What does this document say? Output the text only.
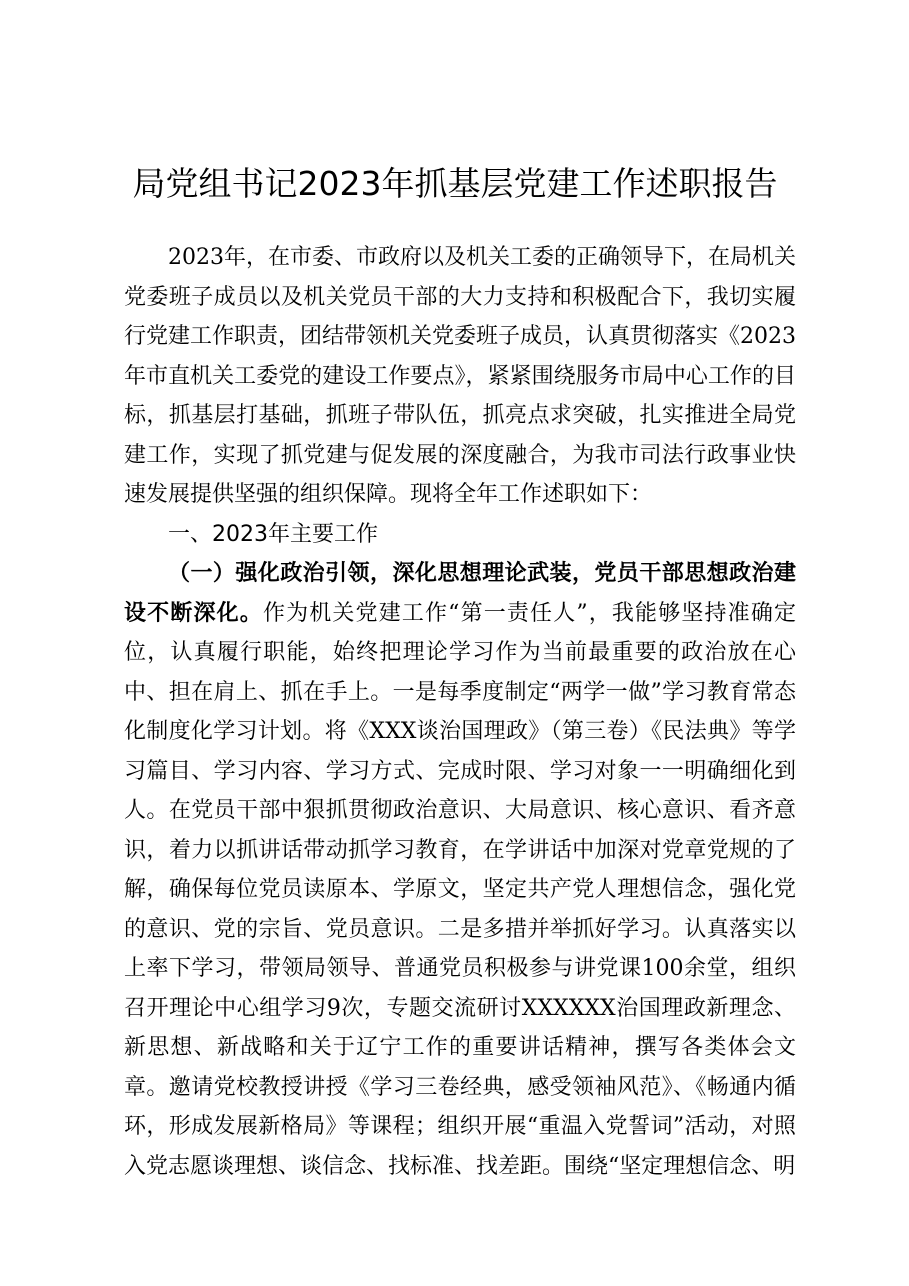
局党组书记2023年抓基层党建工作述职报告

2023年，在市委、市政府以及机关工委的正确领导下，在局机关党委班子成员以及机关党员干部的大力支持和积极配合下，我切实履行党建工作职责，团结带领机关党委班子成员，认真贯彻落实《2023年市直机关工委党的建设工作要点》，紧紧围绕服务市局中心工作的目标，抓基层打基础，抓班子带队伍，抓亮点求突破，扎实推进全局党建工作，实现了抓党建与促发展的深度融合，为我市司法行政事业快速发展提供坚强的组织保障。现将全年工作述职如下：

一、2023年主要工作

（一）强化政治引领，深化思想理论武装，党员干部思想政治建设不断深化。作为机关党建工作“第一责任人”，我能够坚持准确定位，认真履行职能，始终把理论学习作为当前最重要的政治放在心中、担在肩上、抓在手上。一是每季度制定“两学一做”学习教育常态化制度化学习计划。将《XXX谈治国理政》（第三卷）《民法典》等学习篇目、学习内容、学习方式、完成时限、学习对象一一明确细化到人。在党员干部中狠抓贯彻政治意识、大局意识、核心意识、看齐意识，着力以抓讲话带动抓学习教育，在学讲话中加深对党章党规的了解，确保每位党员读原本、学原文，坚定共产党人理想信念，强化党的意识、党的宗旨、党员意识。二是多措并举抓好学习。认真落实以上率下学习，带领局领导、普通党员积极参与讲党课100余堂，组织召开理论中心组学习9次，专题交流研讨XXXXXX治国理政新理念、新思想、新战略和关于辽宁工作的重要讲话精神，撰写各类体会文章。邀请党校教授讲授《学习三卷经典，感受领袖风范》、《畅通内循环，形成发展新格局》等课程；组织开展“重温入党誓词”活动，对照入党志愿谈理想、谈信念、找标准、找差距。围绕“坚定理想信念、明
